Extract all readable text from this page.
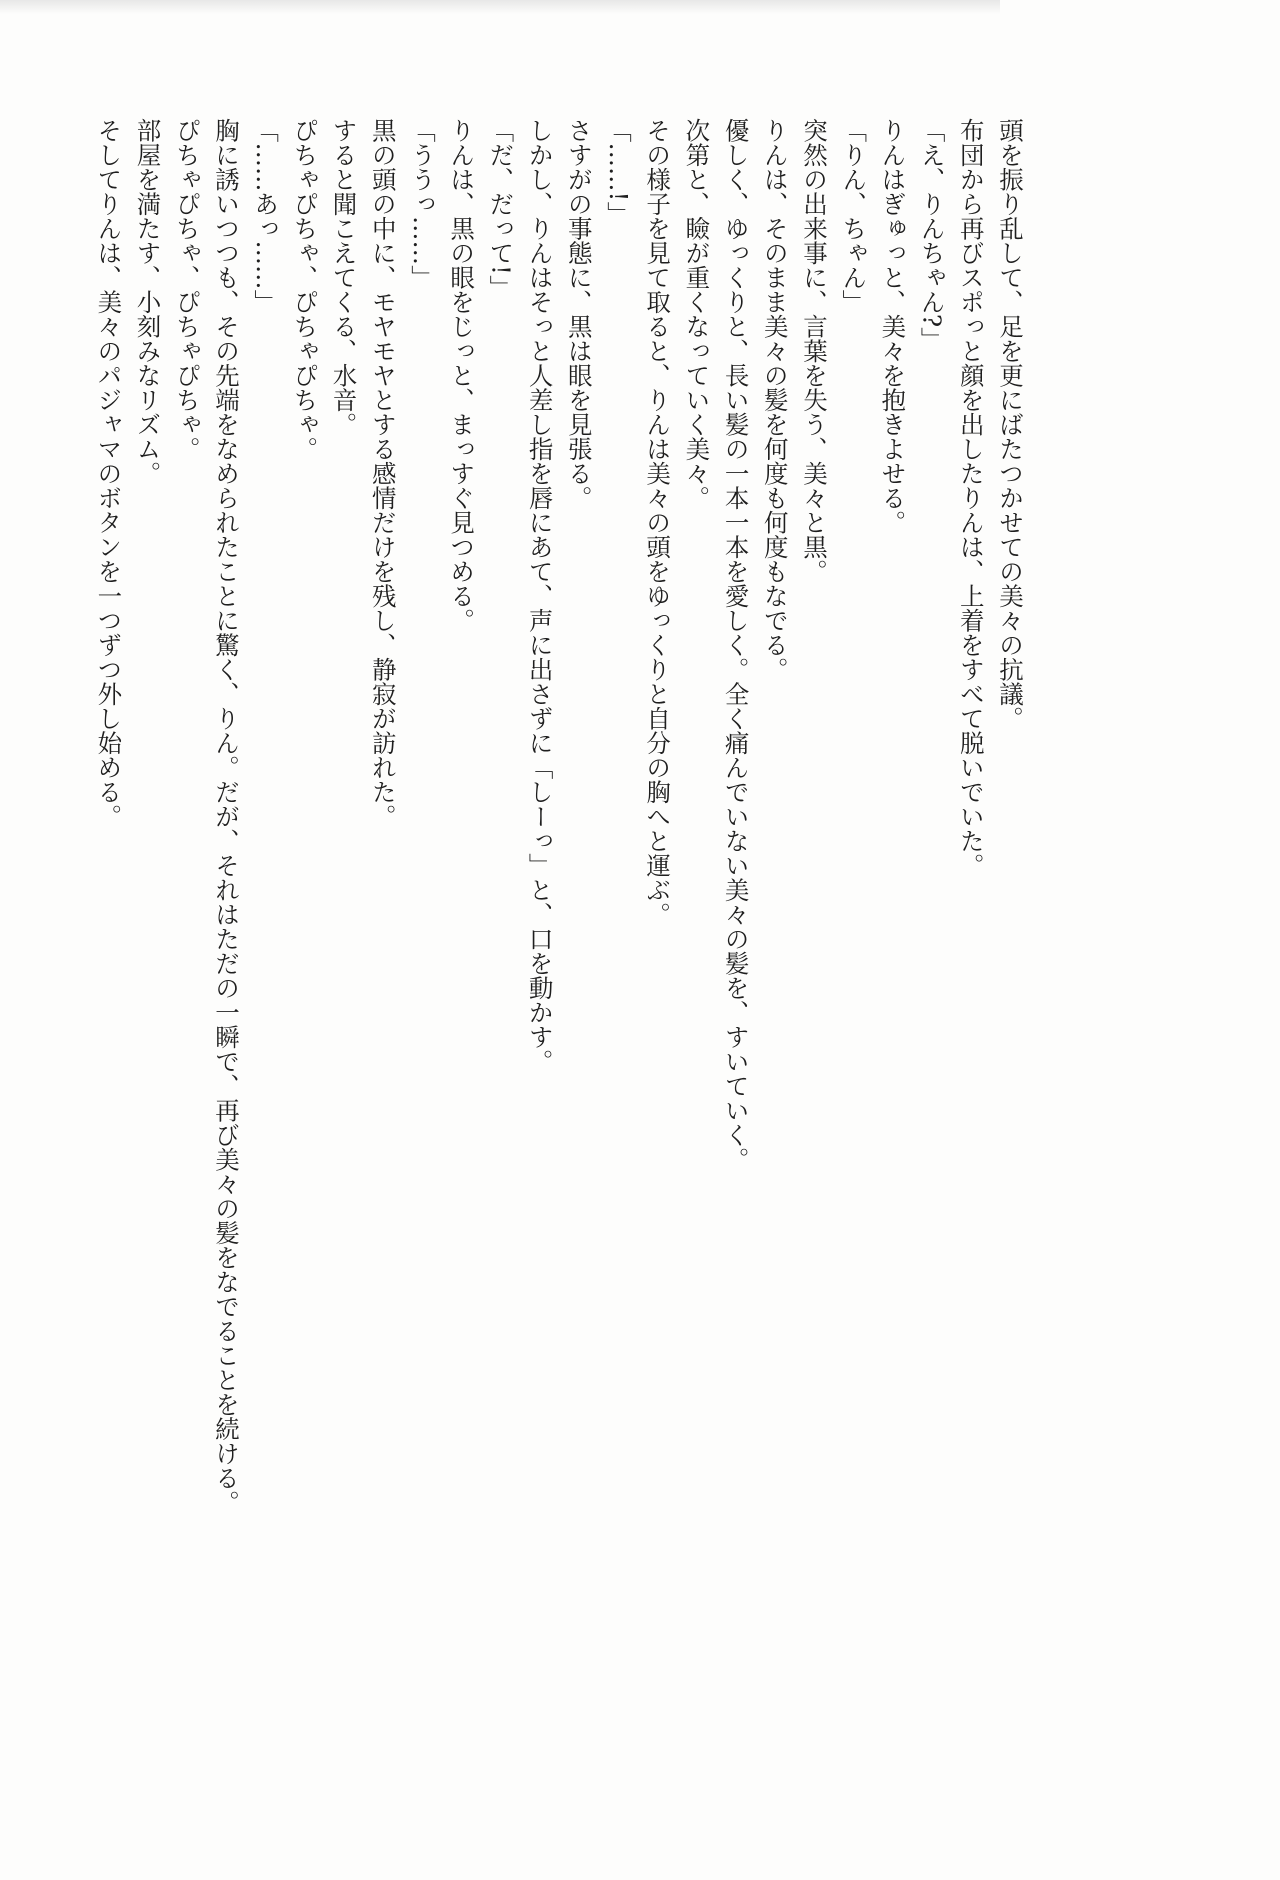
頭を振り乱して、足を更にばたつかせての美々の抗議。
布団から再びスポっと顔を出したりんは、上着をすべて脱いでいた。
「え、りんちゃん?」
りんはぎゅっと、美々を抱きよせる。
「りん、ちゃん」
突然の出来事に、言葉を失う、美々と黒。
りんは、そのまま美々の髪を何度も何度もなでる。
優しく、ゆっくりと、長い髪の一本一本を愛しく。全く痛んでいない美々の髪を、すいていく。
次第と、瞼が重くなっていく美々。
その様子を見て取ると、りんは美々の頭をゆっくりと自分の胸へと運ぶ。
「……!」
さすがの事態に、黒は眼を見張る。
しかし、りんはそっと人差し指を唇にあて、声に出さずに「しーっ」と、口を動かす。
「だ、だって!」
りんは、黒の眼をじっと、まっすぐ見つめる。
「ううっ……」
黒の頭の中に、モヤモヤとする感情だけを残し、静寂が訪れた。
すると聞こえてくる、水音。
ぴちゃぴちゃ、ぴちゃぴちゃ。
「……あっ……」
胸に誘いつつも、その先端をなめられたことに驚く、りん。だが、それはただの一瞬で、再び美々の髪をなでることを続ける。
ぴちゃぴちゃ、ぴちゃぴちゃ。
部屋を満たす、小刻みなリズム。
そしてりんは、美々のパジャマのボタンを一つずつ外し始める。
